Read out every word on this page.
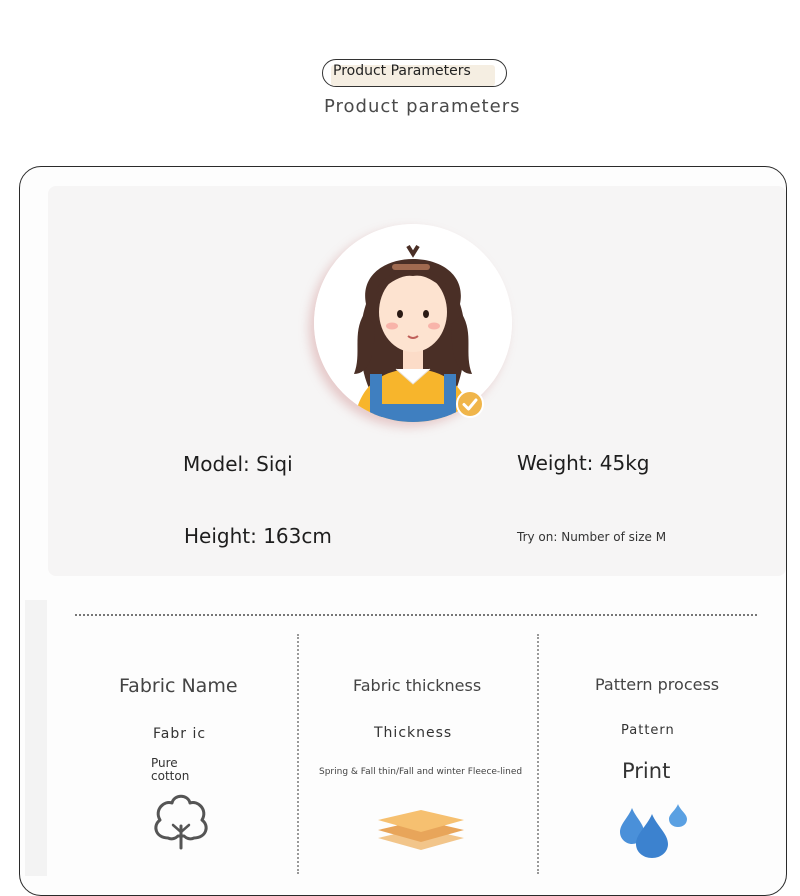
Product Parameters
Product parameters
Model: Siqi	Weight: 45kg
Height: 163cm	Try on: Number of size M
Fabric Name
Fabr ic
Pure
cotton
Fabric thickness
Thickness
Spring & Fall thin/Fall and winter Fleece-lined
Pattern process
Pattern
Print
